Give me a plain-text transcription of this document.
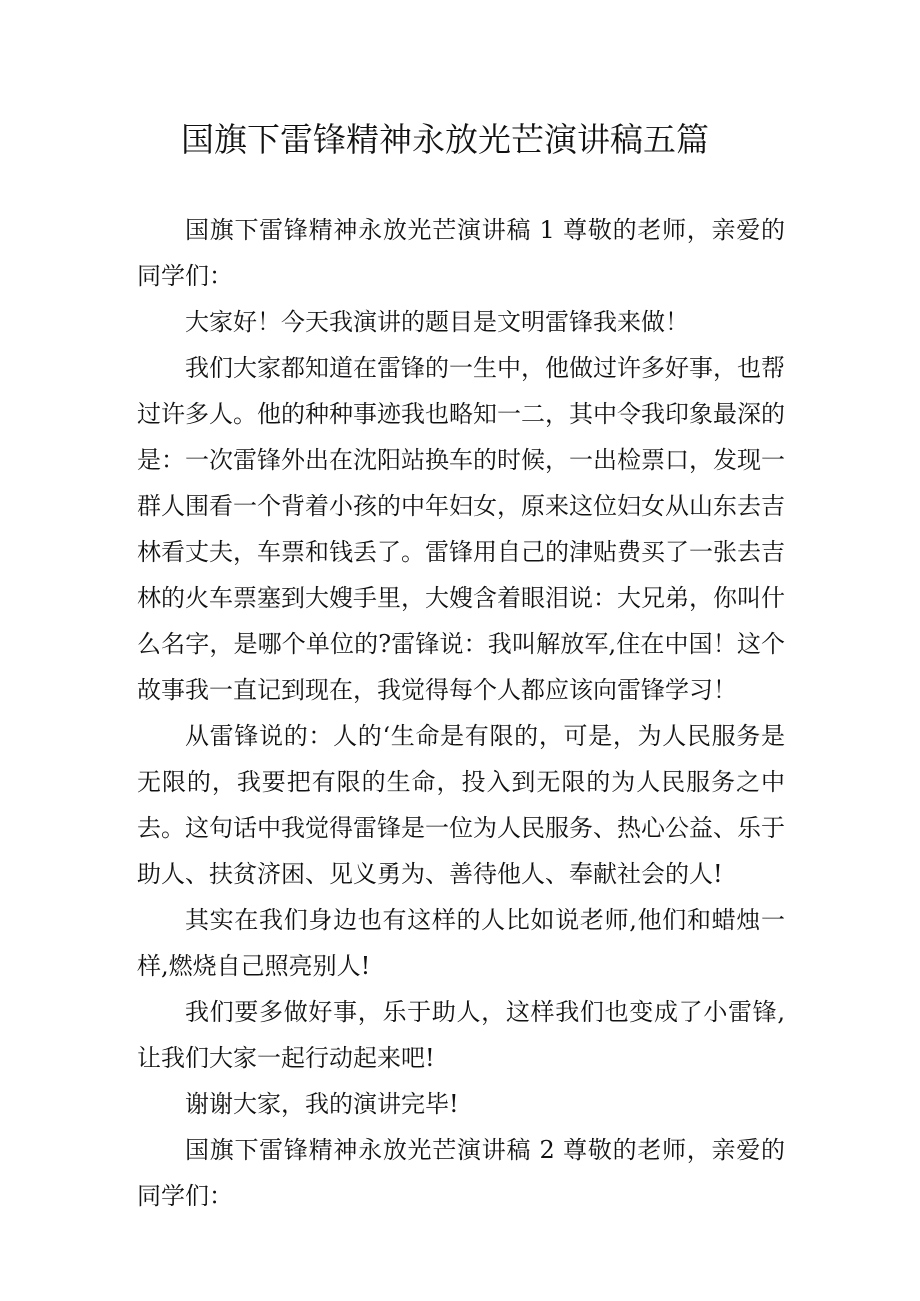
国旗下雷锋精神永放光芒演讲稿五篇

国旗下雷锋精神永放光芒演讲稿 1 尊敬的老师，亲爱的同学们：

大家好！今天我演讲的题目是文明雷锋我来做！

我们大家都知道在雷锋的一生中，他做过许多好事，也帮过许多人。他的种种事迹我也略知一二，其中令我印象最深的是：一次雷锋外出在沈阳站换车的时候，一出检票口，发现一群人围看一个背着小孩的中年妇女，原来这位妇女从山东去吉林看丈夫，车票和钱丢了。雷锋用自己的津贴费买了一张去吉林的火车票塞到大嫂手里，大嫂含着眼泪说：大兄弟，你叫什么名字，是哪个单位的?雷锋说：我叫解放军,住在中国！这个故事我一直记到现在，我觉得每个人都应该向雷锋学习！

从雷锋说的：人的‘生命是有限的，可是，为人民服务是无限的，我要把有限的生命，投入到无限的为人民服务之中去。这句话中我觉得雷锋是一位为人民服务、热心公益、乐于助人、扶贫济困、见义勇为、善待他人、奉献社会的人!

其实在我们身边也有这样的人比如说老师,他们和蜡烛一样,燃烧自己照亮别人!

我们要多做好事，乐于助人，这样我们也变成了小雷锋,让我们大家一起行动起来吧!

谢谢大家，我的演讲完毕!

国旗下雷锋精神永放光芒演讲稿 2 尊敬的老师，亲爱的同学们：
